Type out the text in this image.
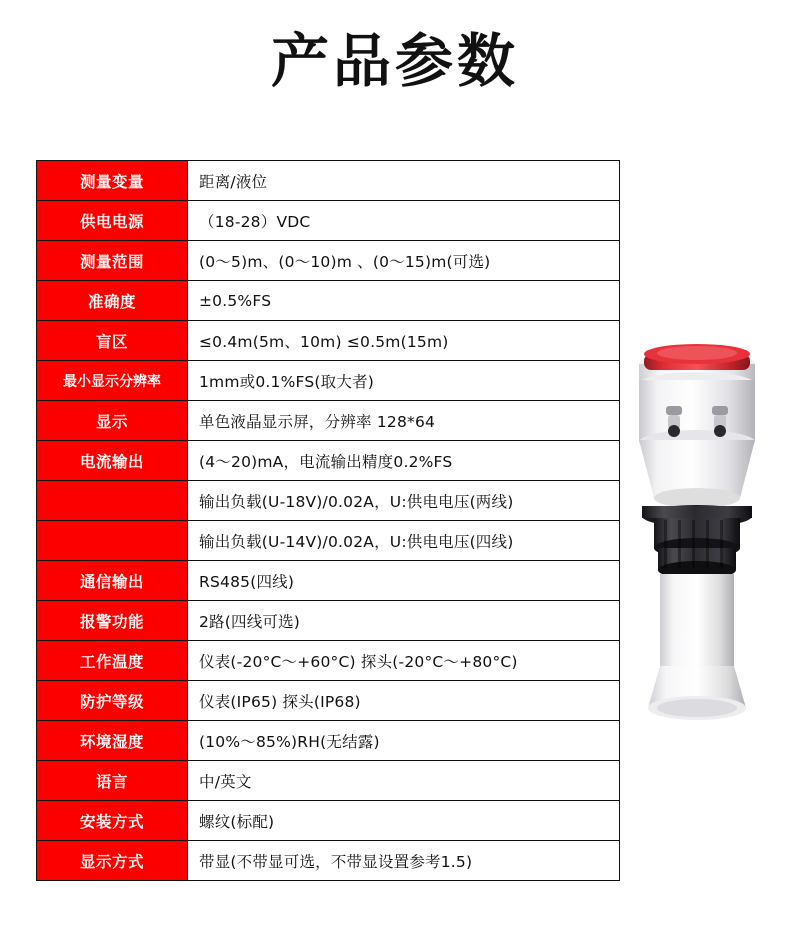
产品参数
测量变量	距离/液位
供电电源	（18-28）VDC
测量范围	(0～5)m、(0～10)m 、(0～15)m(可选)
准确度	±0.5%FS
盲区	≤0.4m(5m、10m) ≤0.5m(15m)
最小显示分辨率	1mm或0.1%FS(取大者)
显示	单色液晶显示屏，分辨率 128*64
电流输出	(4～20)mA，电流输出精度0.2%FS
	输出负载(U-18V)/0.02A，U:供电电压(两线)
	输出负载(U-14V)/0.02A，U:供电电压(四线)
通信输出	RS485(四线)
报警功能	2路(四线可选)
工作温度	仪表(-20°C～+60°C) 探头(-20°C～+80°C)
防护等级	仪表(IP65) 探头(IP68)
环境湿度	(10%～85%)RH(无结露)
语言	中/英文
安装方式	螺纹(标配)
显示方式	带显(不带显可选，不带显设置参考1.5)
